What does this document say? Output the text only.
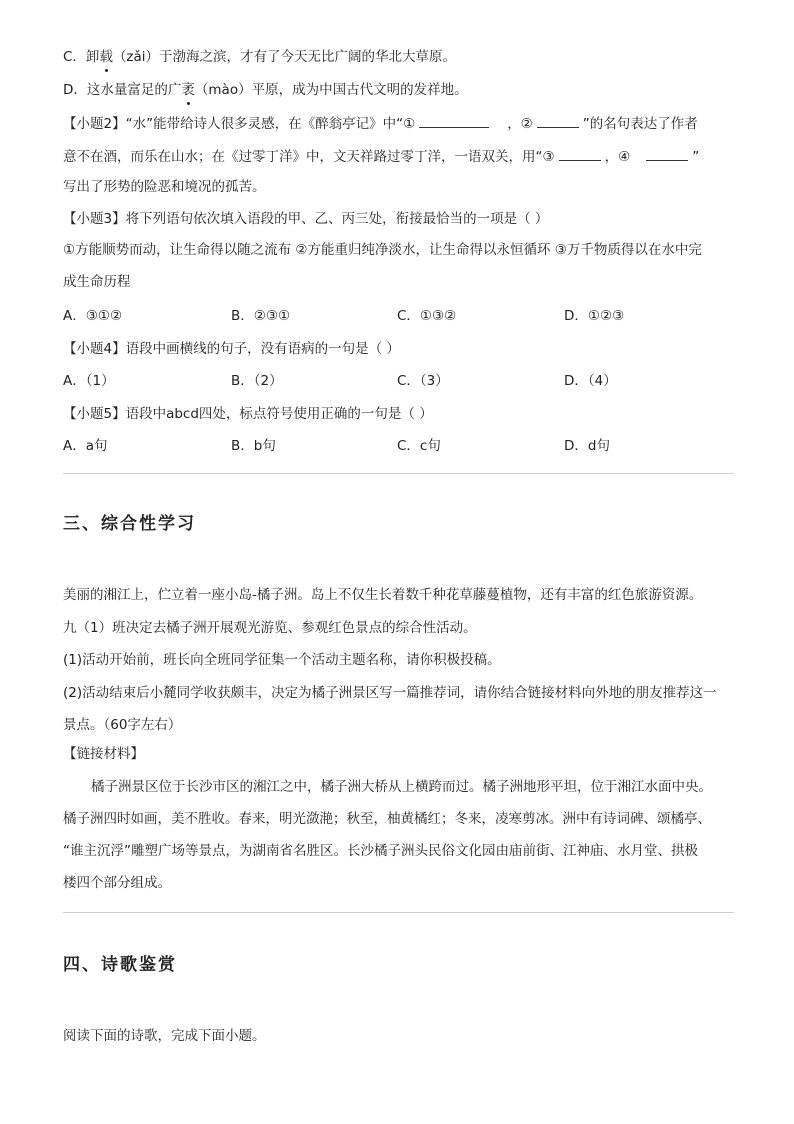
C．卸载（zǎi）于渤海之滨，才有了今天无比广阔的华北大草原。
D．这水量富足的广袤（mào）平原，成为中国古代文明的发祥地。
【小题2】“水”能带给诗人很多灵感，在《醉翁亭记》中“①	，②	”的名句表达了作者
意不在酒，而乐在山水；在《过零丁洋》中，文天祥路过零丁洋，一语双关，用“③	，④	”
写出了形势的险恶和境况的孤苦。
【小题3】将下列语句依次填入语段的甲、乙、丙三处，衔接最恰当的一项是（ ）
①方能顺势而动，让生命得以随之流布 ②方能重归纯净淡水，让生命得以永恒循环 ③万千物质得以在水中完
成生命历程
A．③①②	B．②③①	C．①③②	D．①②③
【小题4】语段中画横线的句子，没有语病的一句是（ ）
A．（1）	B．（2）	C．（3）	D．（4）
【小题5】语段中abcd四处，标点符号使用正确的一句是（ ）
A．a句	B．b句	C．c句	D．d句
三、综合性学习
美丽的湘江上，伫立着一座小岛-橘子洲。岛上不仅生长着数千种花草藤蔓植物，还有丰富的红色旅游资源。
九（1）班决定去橘子洲开展观光游览、参观红色景点的综合性活动。
(1)活动开始前，班长向全班同学征集一个活动主题名称，请你积极投稿。
(2)活动结束后小麓同学收获颇丰，决定为橘子洲景区写一篇推荐词，请你结合链接材料向外地的朋友推荐这一
景点。（60字左右）
【链接材料】
橘子洲景区位于长沙市区的湘江之中，橘子洲大桥从上横跨而过。橘子洲地形平坦，位于湘江水面中央。
橘子洲四时如画，美不胜收。春来，明光潋滟；秋至，柚黄橘红；冬来，凌寒剪冰。洲中有诗词碑、颂橘亭、
“谁主沉浮”雕塑广场等景点，为湖南省名胜区。长沙橘子洲头民俗文化园由庙前街、江神庙、水月堂、拱极
楼四个部分组成。
四、诗歌鉴赏
阅读下面的诗歌，完成下面小题。
